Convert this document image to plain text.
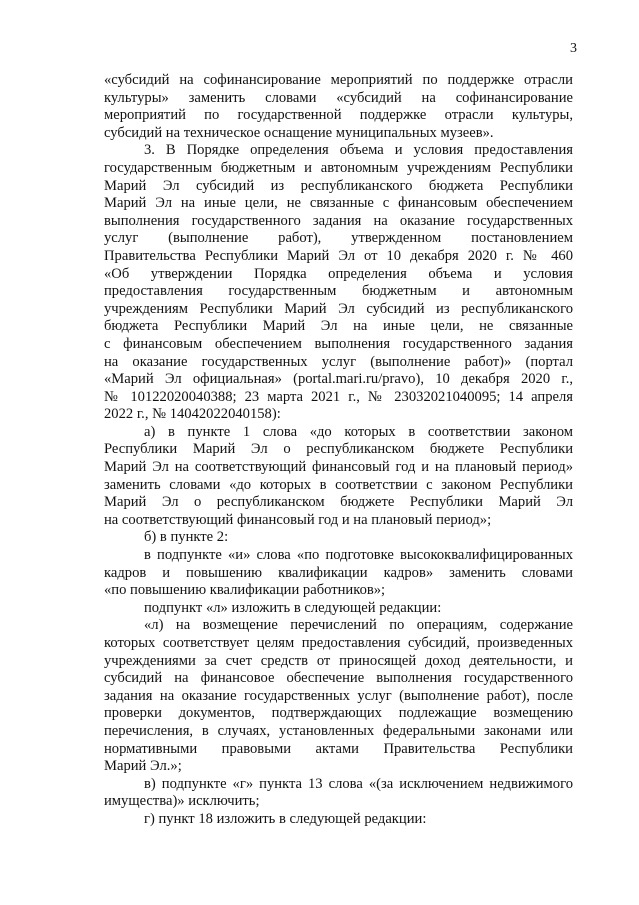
3
«субсидий на софинансирование мероприятий по поддержке отрасли
культуры» заменить словами «субсидий на софинансирование
мероприятий по государственной поддержке отрасли культуры,
субсидий на техническое оснащение муниципальных музеев».
3. В Порядке определения объема и условия предоставления
государственным бюджетным и автономным учреждениям Республики
Марий Эл субсидий из республиканского бюджета Республики
Марий Эл на иные цели, не связанные с финансовым обеспечением
выполнения государственного задания на оказание государственных
услуг (выполнение работ), утвержденном постановлением
Правительства Республики Марий Эл от 10 декабря 2020 г. № 460
«Об утверждении Порядка определения объема и условия
предоставления государственным бюджетным и автономным
учреждениям Республики Марий Эл субсидий из республиканского
бюджета Республики Марий Эл на иные цели, не связанные
с финансовым обеспечением выполнения государственного задания
на оказание государственных услуг (выполнение работ)» (портал
«Марий Эл официальная» (portal.mari.ru/pravo), 10 декабря 2020 г.,
№ 10122020040388; 23 марта 2021 г., № 23032021040095; 14 апреля
2022 г., № 14042022040158):
а) в пункте 1 слова «до которых в соответствии законом
Республики Марий Эл о республиканском бюджете Республики
Марий Эл на соответствующий финансовый год и на плановый период»
заменить словами «до которых в соответствии с законом Республики
Марий Эл о республиканском бюджете Республики Марий Эл
на соответствующий финансовый год и на плановый период»;
б) в пункте 2:
в подпункте «и» слова «по подготовке высококвалифицированных
кадров и повышению квалификации кадров» заменить словами
«по повышению квалификации работников»;
подпункт «л» изложить в следующей редакции:
«л) на возмещение перечислений по операциям, содержание
которых соответствует целям предоставления субсидий, произведенных
учреждениями за счет средств от приносящей доход деятельности, и
субсидий на финансовое обеспечение выполнения государственного
задания на оказание государственных услуг (выполнение работ), после
проверки документов, подтверждающих подлежащие возмещению
перечисления, в случаях, установленных федеральными законами или
нормативными правовыми актами Правительства Республики
Марий Эл.»;
в) подпункте «г» пункта 13 слова «(за исключением недвижимого
имущества)» исключить;
г) пункт 18 изложить в следующей редакции:
